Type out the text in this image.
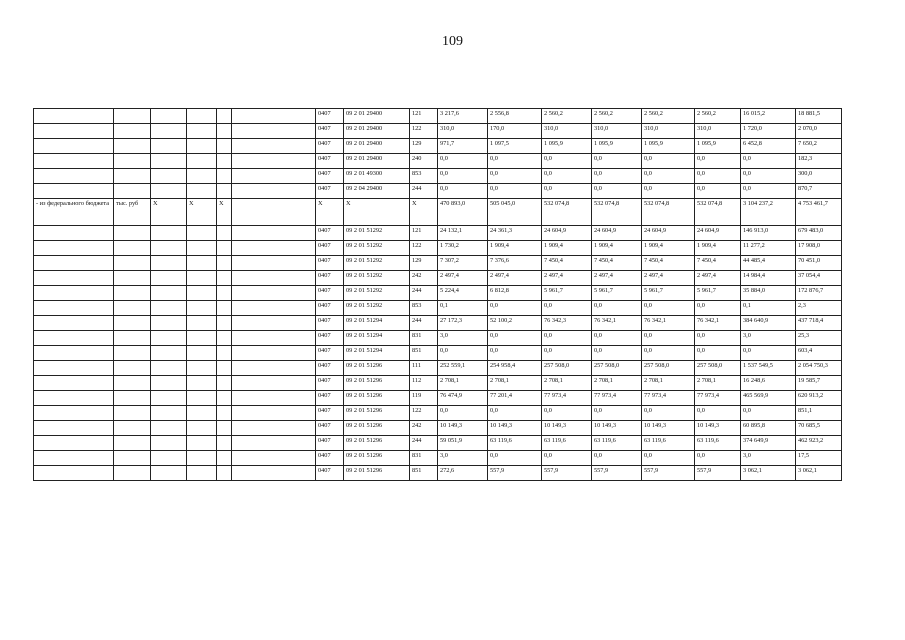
109
						0407	09 2 01 29400	121	3 217,6	2 556,8	2 560,2	2 560,2	2 560,2	2 560,2	16 015,2	18 881,5
						0407	09 2 01 29400	122	310,0	170,0	310,0	310,0	310,0	310,0	1 720,0	2 070,0
						0407	09 2 01 29400	129	971,7	1 097,5	1 095,9	1 095,9	1 095,9	1 095,9	6 452,8	7 650,2
						0407	09 2 01 29400	240	0,0	0,0	0,0	0,0	0,0	0,0	0,0	182,3
						0407	09 2 01 49300	853	0,0	0,0	0,0	0,0	0,0	0,0	0,0	300,0
						0407	09 2 04 29400	244	0,0	0,0	0,0	0,0	0,0	0,0	0,0	870,7
- из федерального бюджета	тыс. руб	X	X	X		X	X	X	470 893,0	505 045,0	532 074,8	532 074,8	532 074,8	532 074,8	3 104 237,2	4 753 461,7
						0407	09 2 01 51292	121	24 132,1	24 361,3	24 604,9	24 604,9	24 604,9	24 604,9	146 913,0	679 483,0
						0407	09 2 01 51292	122	1 730,2	1 909,4	1 909,4	1 909,4	1 909,4	1 909,4	11 277,2	17 908,0
						0407	09 2 01 51292	129	7 307,2	7 376,6	7 450,4	7 450,4	7 450,4	7 450,4	44 485,4	70 451,0
						0407	09 2 01 51292	242	2 497,4	2 497,4	2 497,4	2 497,4	2 497,4	2 497,4	14 984,4	37 054,4
						0407	09 2 01 51292	244	5 224,4	6 812,8	5 961,7	5 961,7	5 961,7	5 961,7	35 884,0	172 876,7
						0407	09 2 01 51292	853	0,1	0,0	0,0	0,0	0,0	0,0	0,1	2,3
						0407	09 2 01 51294	244	27 172,3	52 100,2	76 342,3	76 342,1	76 342,1	76 342,1	384 640,9	437 718,4
						0407	09 2 01 51294	831	3,0	0,0	0,0	0,0	0,0	0,0	3,0	25,3
						0407	09 2 01 51294	851	0,0	0,0	0,0	0,0	0,0	0,0	0,0	603,4
						0407	09 2 01 51296	111	252 559,1	254 958,4	257 508,0	257 508,0	257 508,0	257 508,0	1 537 549,5	2 054 750,3
						0407	09 2 01 51296	112	2 708,1	2 708,1	2 708,1	2 708,1	2 708,1	2 708,1	16 248,6	19 585,7
						0407	09 2 01 51296	119	76 474,9	77 201,4	77 973,4	77 973,4	77 973,4	77 973,4	465 569,9	620 913,2
						0407	09 2 01 51296	122	0,0	0,0	0,0	0,0	0,0	0,0	0,0	851,1
						0407	09 2 01 51296	242	10 149,3	10 149,3	10 149,3	10 149,3	10 149,3	10 149,3	60 895,8	70 685,5
						0407	09 2 01 51296	244	59 051,9	63 119,6	63 119,6	63 119,6	63 119,6	63 119,6	374 649,9	462 923,2
						0407	09 2 01 51296	831	3,0	0,0	0,0	0,0	0,0	0,0	3,0	17,5
						0407	09 2 01 51296	851	272,6	557,9	557,9	557,9	557,9	557,9	3 062,1	3 062,1
